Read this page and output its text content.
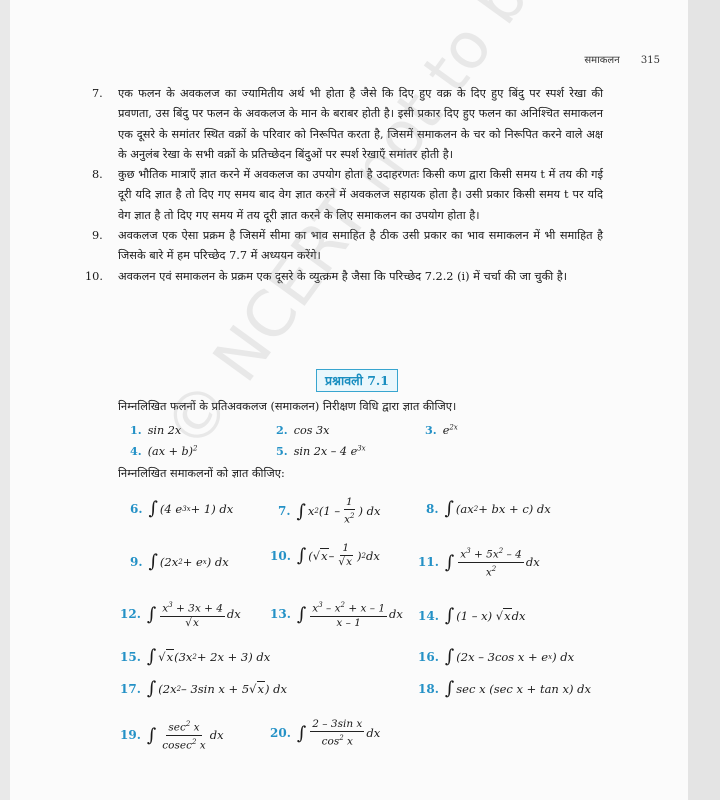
समाकलन 315
7. एक फलन के अवकलज का ज्यामितीय अर्थ भी होता है जैसे कि दिए हुए वक्र के दिए हुए बिंदु पर स्पर्श रेखा की प्रवणता, उस बिंदु पर फलन के अवकलज के मान के बराबर होती है। इसी प्रकार दिए हुए फलन का अनिश्चित समाकलन एक दूसरे के समांतर स्थित वक्रों के परिवार को निरूपित करता है, जिसमें समाकलन के चर को निरूपित करने वाले अक्ष के अनुलंब रेखा के सभी वक्रों के प्रतिच्छेदन बिंदुओं पर स्पर्श रेखाएँ समांतर होती है।
8. कुछ भौतिक मात्राएँ ज्ञात करने में अवकलज का उपयोग होता है उदाहरणतः किसी कण द्वारा किसी समय t में तय की गई दूरी यदि ज्ञात है तो दिए गए समय बाद वेग ज्ञात करने में अवकलज सहायक होता है। उसी प्रकार किसी समय t पर यदि वेग ज्ञात है तो दिए गए समय में तय दूरी ज्ञात करने के लिए समाकलन का उपयोग होता है।
9. अवकलज एक ऐसा प्रक्रम है जिसमें सीमा का भाव समाहित है ठीक उसी प्रकार का भाव समाकलन में भी समाहित है जिसके बारे में हम परिच्छेद 7.7 में अध्ययन करेंगे।
10. अवकलन एवं समाकलन के प्रक्रम एक दूसरे के व्युत्क्रम है जैसा कि परिच्छेद 7.2.2 (i) में चर्चा की जा चुकी है।
प्रश्नावली 7.1
निम्नलिखित फलनों के प्रतिअवकलज (समाकलन) निरीक्षण विधि द्वारा ज्ञात कीजिए।
1. sin 2x	2. cos 3x	3. $e^{2x}$
4. (ax + b)$^2$	5. sin 2x – 4 $e^{3x}$
निम्नलिखित समाकलनों को ज्ञात कीजिए:
6. ∫ (4 e 3x + 1) dx	7. ∫ x 2 ($1 - \frac{1}{x^2}$ ) dx	8. ∫ (ax 2 + bx + c) dx
9. ∫ (2x 2 + e x ) dx	10. ∫ (√ x – $\frac{1}{√x}$ ) 2 dx	11. ∫ $\frac{x^3 + 5x^2 - 4}{x^2}$ dx
12. ∫ $\frac{x^3 + 3x + 4}{√x}$ dx 13. ∫ $\frac{x^3 - x^2 + x - 1}{x - 1}$ dx 14. ∫ (1 – x) √ x dx
15. ∫ √ x (3x 2 + 2x + 3) dx	16. ∫ (2x – 3cos x + e x ) dx
17. ∫ (2x 2 – 3sin x + 5√ x ) dx	18. ∫ sec x (sec x + tan x) dx
19. ∫ $\frac{\sec^2 x}{cosec^2 x}$ dx	20. ∫ $\frac{\text{2 – 3sin x}}{\cos^2 x}$ dx
© NCERT not to
